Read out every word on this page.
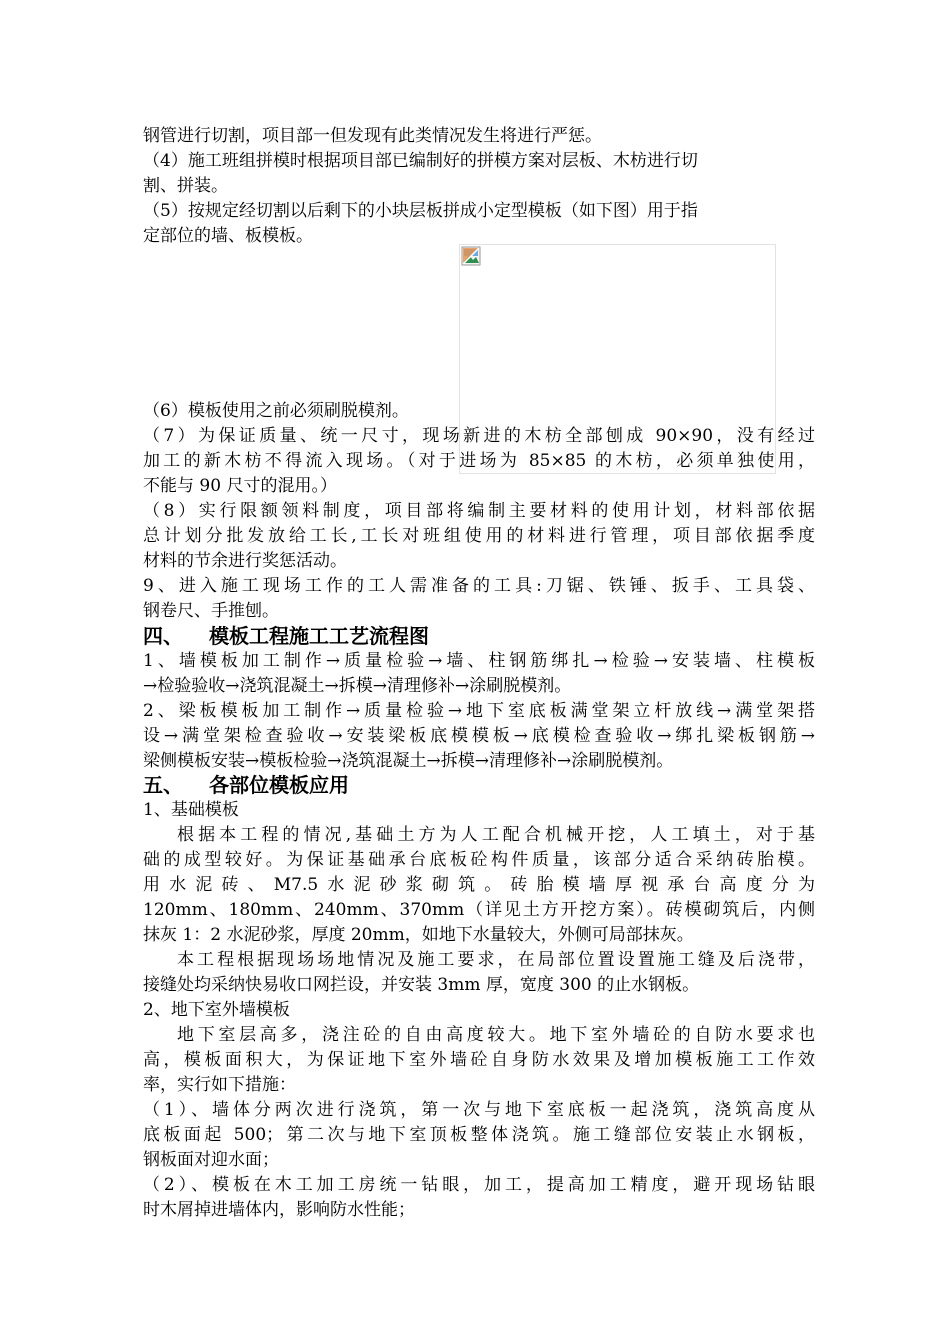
钢管进行切割，项目部一但发现有此类情况发生将进行严惩。
（4）施工班组拼模时根据项目部已编制好的拼模方案对层板、木枋进行切
割、拼装。
（5）按规定经切割以后剩下的小块层板拼成小定型模板（如下图）用于指
定部位的墙、板模板。
（6）模板使用之前必须刷脱模剂。
（7）为保证质量、统一尺寸，现场新进的木枋全部刨成 90×90，没有经过
加工的新木枋不得流入现场。（对于进场为 85×85 的木枋，必须单独使用，
不能与 90 尺寸的混用。）
（8）实行限额领料制度，项目部将编制主要材料的使用计划，材料部依据
总计划分批发放给工长,工长对班组使用的材料进行管理，项目部依据季度
材料的节余进行奖惩活动。
9、进入施工现场工作的工人需准备的工具:刀锯、铁锤、扳手、工具袋、
钢卷尺、手推刨。
四、 模板工程施工工艺流程图
1、墙模板加工制作→质量检验→墙、柱钢筋绑扎→检验→安装墙、柱模板
→检验验收→浇筑混凝土→拆模→清理修补→涂刷脱模剂。
2、梁板模板加工制作→质量检验→地下室底板满堂架立杆放线→满堂架搭
设→满堂架检查验收→安装梁板底模模板→底模检查验收→绑扎梁板钢筋→
梁侧模板安装→模板检验→浇筑混凝土→拆模→清理修补→涂刷脱模剂。
五、 各部位模板应用
1、基础模板
根据本工程的情况,基础土方为人工配合机械开挖，人工填土，对于基
础的成型较好。为保证基础承台底板砼构件质量，该部分适合采纳砖胎模。
用水泥砖、M7.5水泥砂浆砌筑。砖胎模墙厚视承台高度分为
120mm、180mm、240mm、370mm（详见土方开挖方案）。砖模砌筑后，内侧
抹灰 1：2 水泥砂浆，厚度 20mm，如地下水量较大，外侧可局部抹灰。
本工程根据现场场地情况及施工要求，在局部位置设置施工缝及后浇带，
接缝处均采纳快易收口网拦设，并安装 3mm 厚，宽度 300 的止水钢板。
2、地下室外墙模板
地下室层高多，浇注砼的自由高度较大。地下室外墙砼的自防水要求也
高，模板面积大，为保证地下室外墙砼自身防水效果及增加模板施工工作效
率，实行如下措施：
（1）、墙体分两次进行浇筑，第一次与地下室底板一起浇筑，浇筑高度从
底板面起 500；第二次与地下室顶板整体浇筑。施工缝部位安装止水钢板，
钢板面对迎水面；
（2）、模板在木工加工房统一钻眼，加工，提高加工精度，避开现场钻眼
时木屑掉进墙体内，影响防水性能；
